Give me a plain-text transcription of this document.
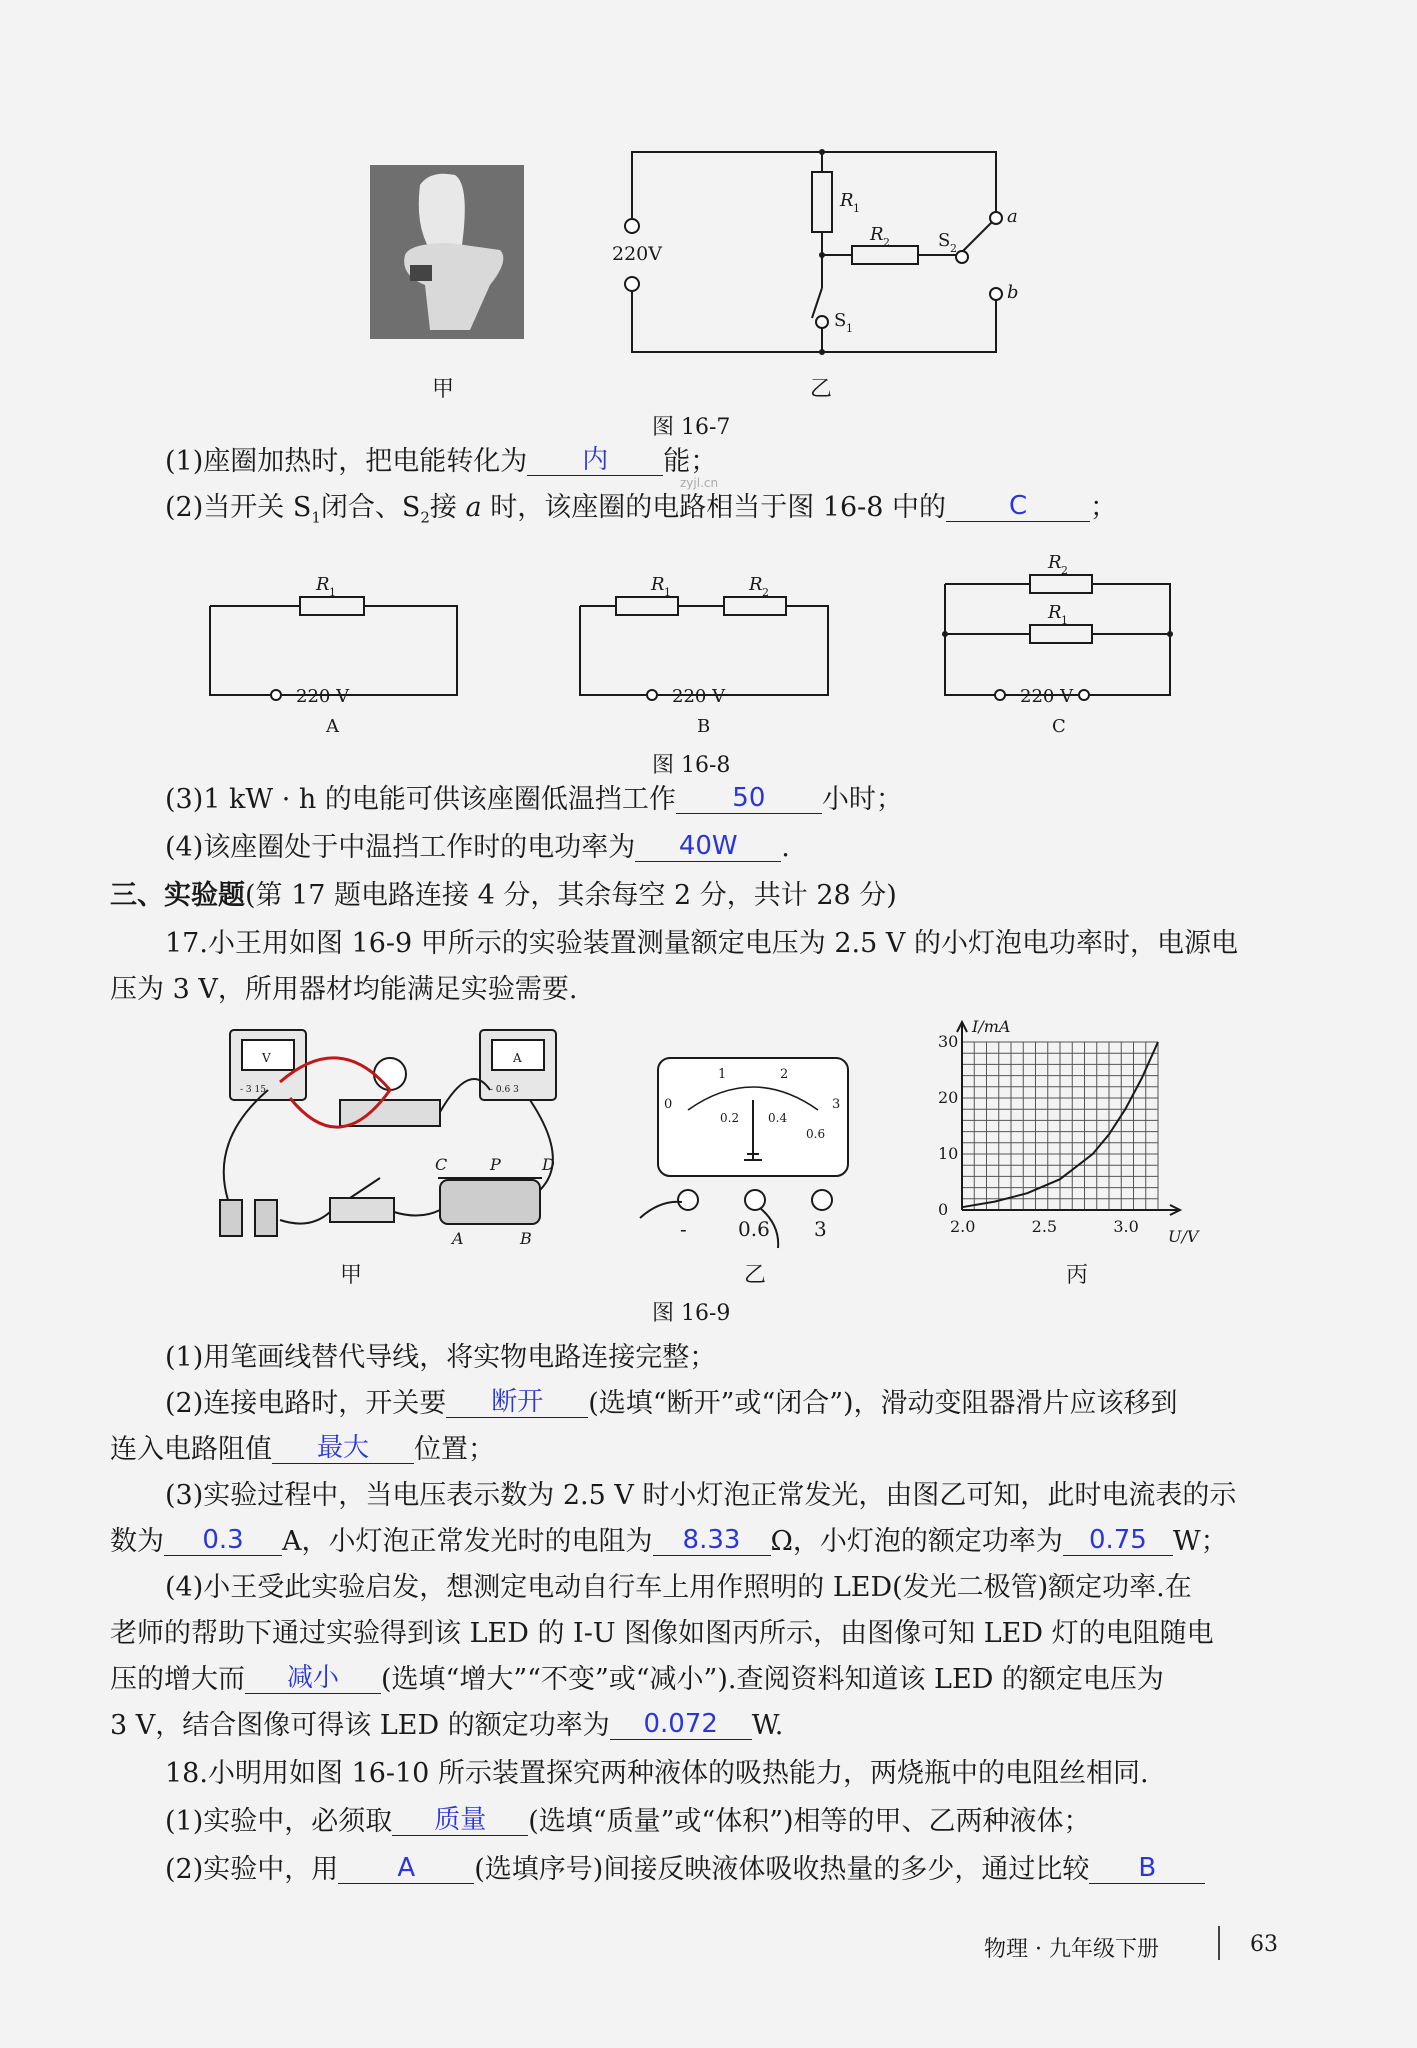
甲
220V
R 1
R 2	S 2
a
b
S 1
乙
图 16-7
zyjl.cn
(1)座圈加热时，把电能转化为 内 能；
(2)当开关 $S_1$闭合、$S_2$接 a 时，该座圈的电路相当于图 16-8 中的 C ；
R 1
220 V
A
R 1	R 2
220 V
B
R 2
R 1
220 V
C
图 16-8
(3)1 kW · h 的电能可供该座圈低温挡工作 50 小时；
(4)该座圈处于中温挡工作时的电功率为 40W .
三、实验题(第 17 题电路连接 4 分，其余每空 2 分，共计 28 分)
17.小王用如图 16-9 甲所示的实验装置测量额定电压为 2.5 V 的小灯泡电功率时，电源电
压为 3 V，所用器材均能满足实验需要.
V	A
- 3 15	- 0.6 3
C	P	D
A	B
甲
0
1	2
3
0.2 0.4
0.6
-	0.6 3
乙
2.0	2.5	3.0
0
10
20
30
I/mA
U/V
丙
图 16-9
(1)用笔画线替代导线，将实物电路连接完整；
(2)连接电路时，开关要 断开 (选填“断开”或“闭合”)，滑动变阻器滑片应该移到
连入电路阻值 最大 位置；
(3)实验过程中，当电压表示数为 2.5 V 时小灯泡正常发光，由图乙可知，此时电流表的示
数为 0.3 A，小灯泡正常发光时的电阻为 8.33 Ω，小灯泡的额定功率为 0.75 W；
(4)小王受此实验启发，想测定电动自行车上用作照明的 LED(发光二极管)额定功率.在
老师的帮助下通过实验得到该 LED 的 I-U 图像如图丙所示，由图像可知 LED 灯的电阻随电
压的增大而 减小 (选填“增大”“不变”或“减小”).查阅资料知道该 LED 的额定电压为
3 V，结合图像可得该 LED 的额定功率为 0.072 W.
18.小明用如图 16-10 所示装置探究两种液体的吸热能力，两烧瓶中的电阻丝相同.
(1)实验中，必须取 质量 (选填“质量”或“体积”)相等的甲、乙两种液体；
(2)实验中，用 A (选填序号)间接反映液体吸收热量的多少，通过比较 B
物理 · 九年级下册	63
